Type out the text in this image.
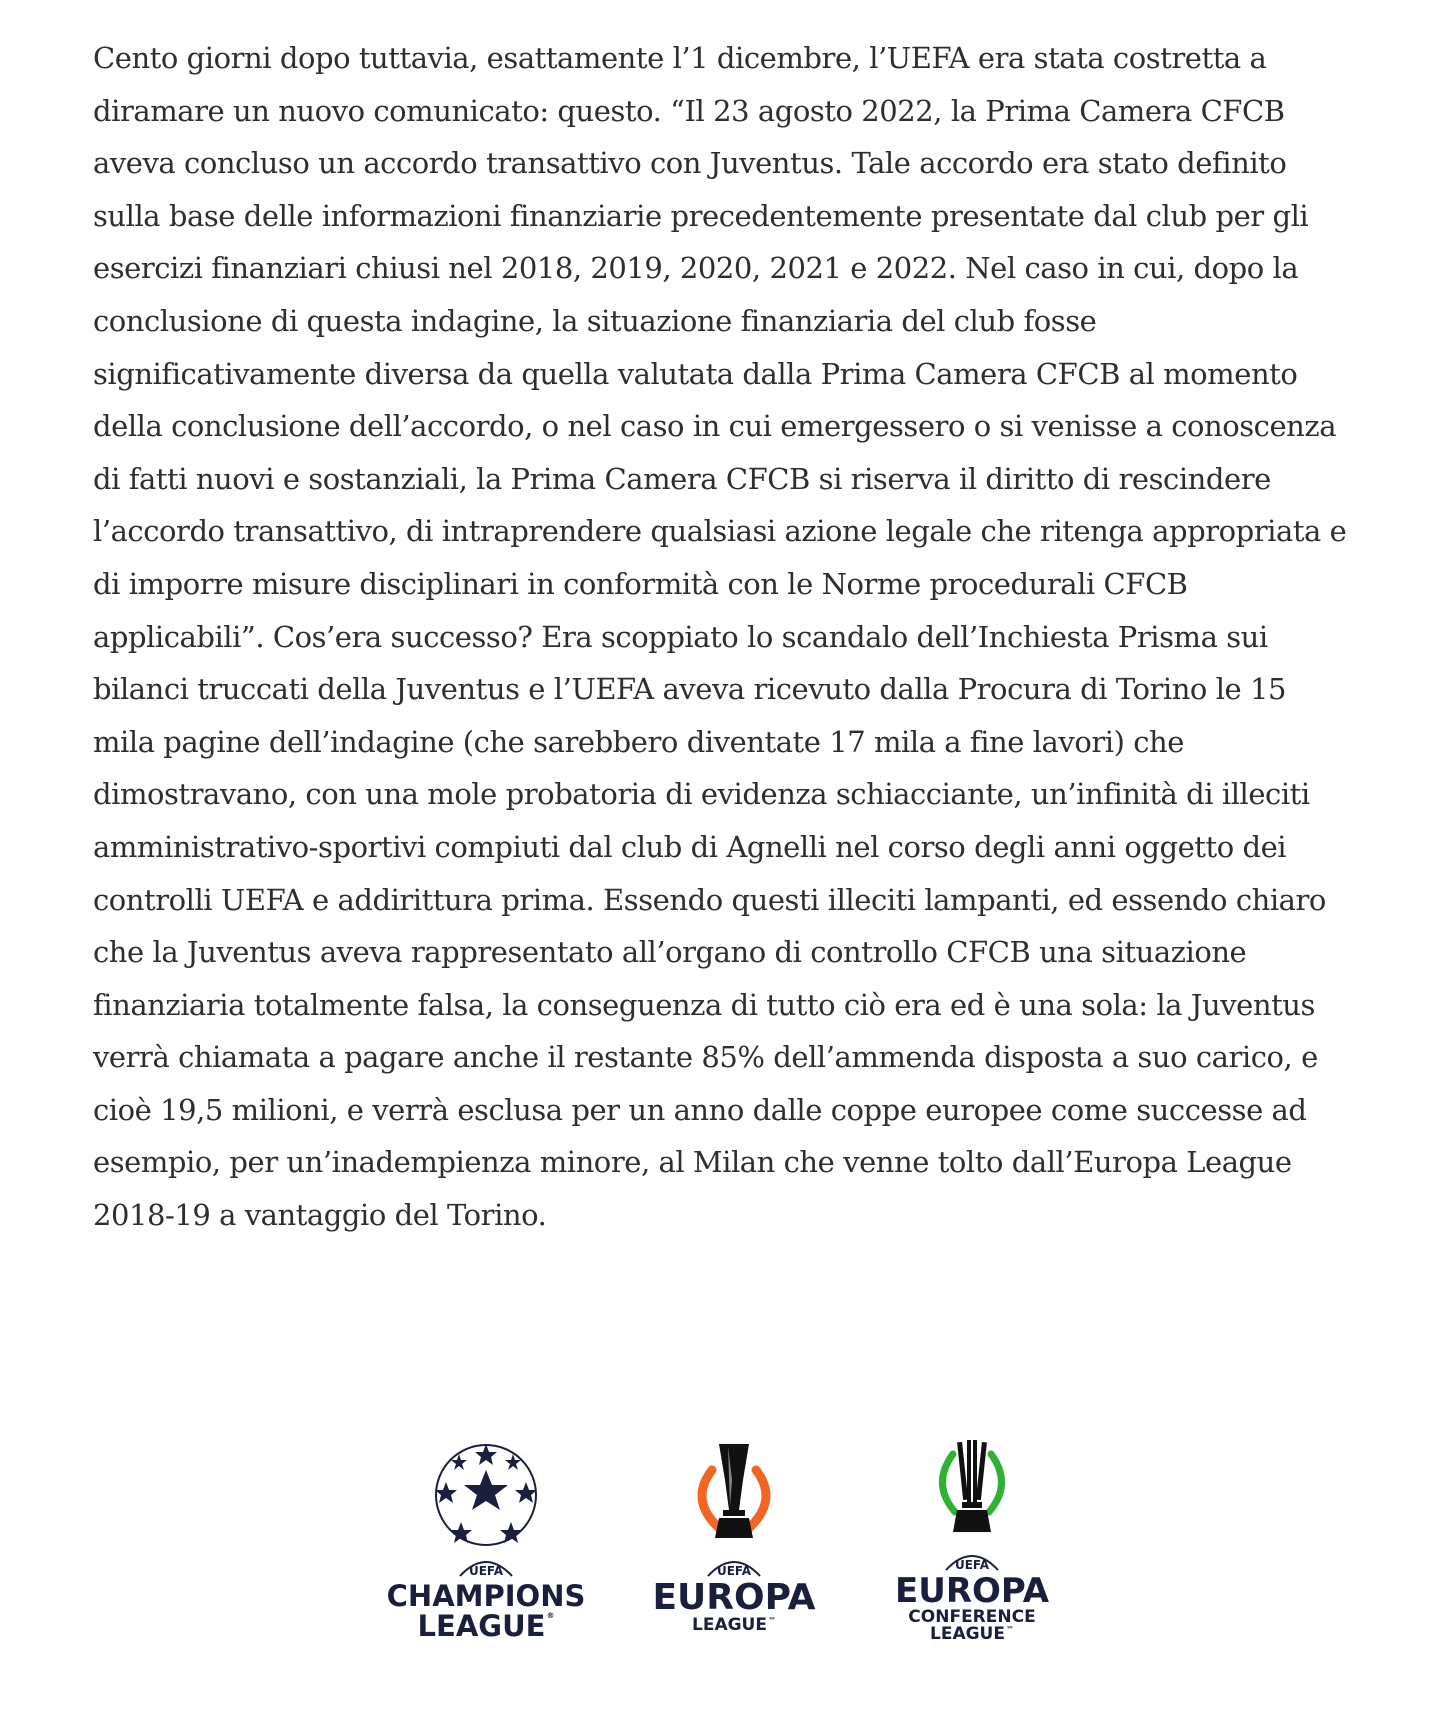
Cento giorni dopo tuttavia, esattamente l’1 dicembre, l’UEFA era stata costretta a
diramare un nuovo comunicato: questo. “Il 23 agosto 2022, la Prima Camera CFCB
aveva concluso un accordo transattivo con Juventus. Tale accordo era stato definito
sulla base delle informazioni finanziarie precedentemente presentate dal club per gli
esercizi finanziari chiusi nel 2018, 2019, 2020, 2021 e 2022. Nel caso in cui, dopo la
conclusione di questa indagine, la situazione finanziaria del club fosse
significativamente diversa da quella valutata dalla Prima Camera CFCB al momento
della conclusione dell’accordo, o nel caso in cui emergessero o si venisse a conoscenza
di fatti nuovi e sostanziali, la Prima Camera CFCB si riserva il diritto di rescindere
l’accordo transattivo, di intraprendere qualsiasi azione legale che ritenga appropriata e
di imporre misure disciplinari in conformità con le Norme procedurali CFCB
applicabili”. Cos’era successo? Era scoppiato lo scandalo dell’Inchiesta Prisma sui
bilanci truccati della Juventus e l’UEFA aveva ricevuto dalla Procura di Torino le 15
mila pagine dell’indagine (che sarebbero diventate 17 mila a fine lavori) che
dimostravano, con una mole probatoria di evidenza schiacciante, un’infinità di illeciti
amministrativo-sportivi compiuti dal club di Agnelli nel corso degli anni oggetto dei
controlli UEFA e addirittura prima. Essendo questi illeciti lampanti, ed essendo chiaro
che la Juventus aveva rappresentato all’organo di controllo CFCB una situazione
finanziaria totalmente falsa, la conseguenza di tutto ciò era ed è una sola: la Juventus
verrà chiamata a pagare anche il restante 85% dell’ammenda disposta a suo carico, e
cioè 19,5 milioni, e verrà esclusa per un anno dalle coppe europee come successe ad
esempio, per un’inadempienza minore, al Milan che venne tolto dall’Europa League
2018-19 a vantaggio del Torino.
UEFA
CHAMPIONS
LEAGUE®
UEFA
EUROPA
LEAGUE™
UEFA
EUROPA
CONFERENCE
LEAGUE™
